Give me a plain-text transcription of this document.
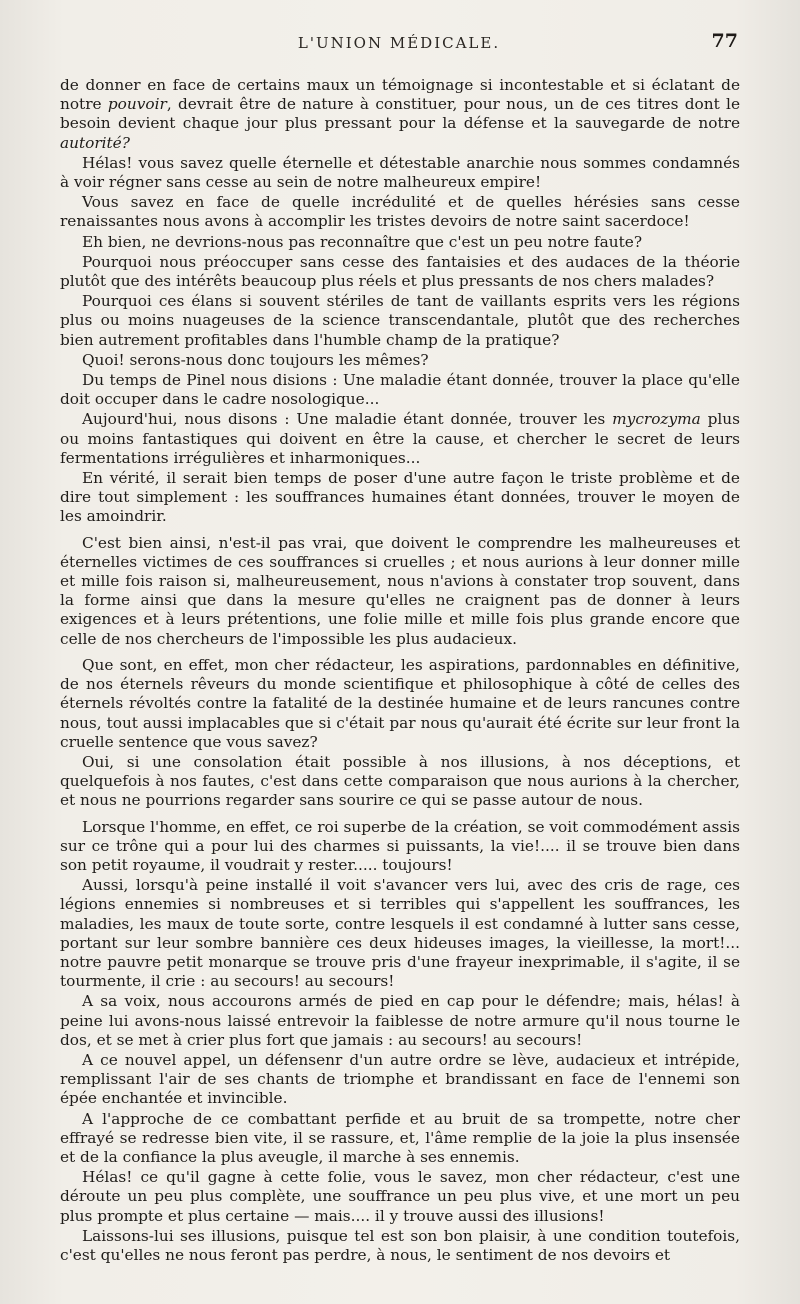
L'UNION MÉDICALE.	77

de donner en face de certains maux un témoignage si incontestable et si éclatant de notre pouvoir, devrait être de nature à constituer, pour nous, un de ces titres dont le besoin devient chaque jour plus pressant pour la défense et la sauvegarde de notre autorité?

Hélas! vous savez quelle éternelle et détestable anarchie nous sommes condamnés à voir régner sans cesse au sein de notre malheureux empire!

Vous savez en face de quelle incrédulité et de quelles hérésies sans cesse renaissantes nous avons à accomplir les tristes devoirs de notre saint sacerdoce!

Eh bien, ne devrions-nous pas reconnaître que c'est un peu notre faute?

Pourquoi nous préoccuper sans cesse des fantaisies et des audaces de la théorie plutôt que des intérêts beaucoup plus réels et plus pressants de nos chers malades?

Pourquoi ces élans si souvent stériles de tant de vaillants esprits vers les régions plus ou moins nuageuses de la science transcendantale, plutôt que des recherches bien autrement profitables dans l'humble champ de la pratique?

Quoi! serons-nous donc toujours les mêmes?

Du temps de Pinel nous disions : Une maladie étant donnée, trouver la place qu'elle doit occuper dans le cadre nosologique...

Aujourd'hui, nous disons : Une maladie étant donnée, trouver les mycrozyma plus ou moins fantastiques qui doivent en être la cause, et chercher le secret de leurs fermentations irrégulières et inharmoniques...

En vérité, il serait bien temps de poser d'une autre façon le triste problème et de dire tout simplement : les souffrances humaines étant données, trouver le moyen de les amoindrir.

C'est bien ainsi, n'est-il pas vrai, que doivent le comprendre les malheureuses et éternelles victimes de ces souffrances si cruelles ; et nous aurions à leur donner mille et mille fois raison si, malheureusement, nous n'avions à constater trop souvent, dans la forme ainsi que dans la mesure qu'elles ne craignent pas de donner à leurs exigences et à leurs prétentions, une folie mille et mille fois plus grande encore que celle de nos chercheurs de l'impossible les plus audacieux.

Que sont, en effet, mon cher rédacteur, les aspirations, pardonnables en définitive, de nos éternels rêveurs du monde scientifique et philosophique à côté de celles des éternels révoltés contre la fatalité de la destinée humaine et de leurs rancunes contre nous, tout aussi implacables que si c'était par nous qu'aurait été écrite sur leur front la cruelle sentence que vous savez?

Oui, si une consolation était possible à nos illusions, à nos déceptions, et quelquefois à nos fautes, c'est dans cette comparaison que nous aurions à la chercher, et nous ne pourrions regarder sans sourire ce qui se passe autour de nous.

Lorsque l'homme, en effet, ce roi superbe de la création, se voit commodément assis sur ce trône qui a pour lui des charmes si puissants, la vie!.... il se trouve bien dans son petit royaume, il voudrait y rester..... toujours!

Aussi, lorsqu'à peine installé il voit s'avancer vers lui, avec des cris de rage, ces légions ennemies si nombreuses et si terribles qui s'appellent les souffrances, les maladies, les maux de toute sorte, contre lesquels il est condamné à lutter sans cesse, portant sur leur sombre bannière ces deux hideuses images, la vieillesse, la mort!... notre pauvre petit monarque se trouve pris d'une frayeur inexprimable, il s'agite, il se tourmente, il crie : au secours! au secours!

A sa voix, nous accourons armés de pied en cap pour le défendre; mais, hélas! à peine lui avons-nous laissé entrevoir la faiblesse de notre armure qu'il nous tourne le dos, et se met à crier plus fort que jamais : au secours! au secours!

A ce nouvel appel, un défensenr d'un autre ordre se lève, audacieux et intrépide, remplissant l'air de ses chants de triomphe et brandissant en face de l'ennemi son épée enchantée et invincible.

A l'approche de ce combattant perfide et au bruit de sa trompette, notre cher effrayé se redresse bien vite, il se rassure, et, l'âme remplie de la joie la plus insensée et de la confiance la plus aveugle, il marche à ses ennemis.

Hélas! ce qu'il gagne à cette folie, vous le savez, mon cher rédacteur, c'est une déroute un peu plus complète, une souffrance un peu plus vive, et une mort un peu plus prompte et plus certaine — mais.... il y trouve aussi des illusions!

Laissons-lui ses illusions, puisque tel est son bon plaisir, à une condition toutefois, c'est qu'elles ne nous feront pas perdre, à nous, le sentiment de nos devoirs et
